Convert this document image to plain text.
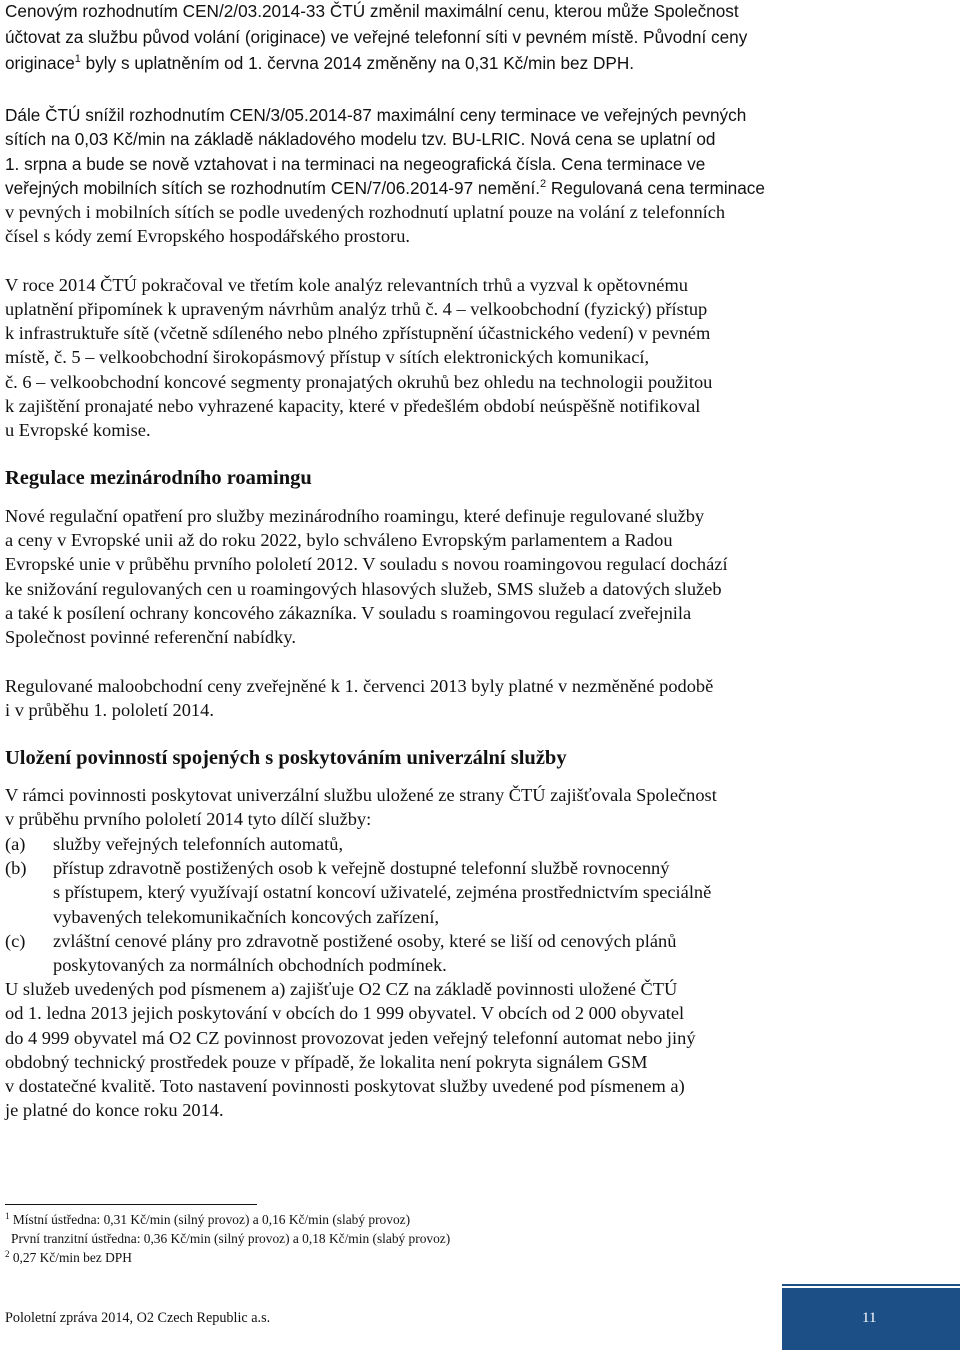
Cenovým rozhodnutím CEN/2/03.2014-33 ČTÚ změnil maximální cenu, kterou může Společnost
účtovat za službu původ volání (originace) ve veřejné telefonní síti v pevném místě. Původní ceny
originace$^1$ byly s uplatněním od 1. června 2014 změněny na 0,31 Kč/min bez DPH.
Dále ČTÚ snížil rozhodnutím CEN/3/05.2014-87 maximální ceny terminace ve veřejných pevných
sítích na 0,03 Kč/min na základě nákladového modelu tzv. BU-LRIC. Nová cena se uplatní od
1. srpna a bude se nově vztahovat i na terminaci na negeografická čísla. Cena terminace ve
veřejných mobilních sítích se rozhodnutím CEN/7/06.2014-97 nemění.$^2$ Regulovaná cena terminace
v pevných i mobilních sítích se podle uvedených rozhodnutí uplatní pouze na volání z telefonních
čísel s kódy zemí Evropského hospodářského prostoru.
V roce 2014 ČTÚ pokračoval ve třetím kole analýz relevantních trhů a vyzval k opětovnému
uplatnění připomínek k upraveným návrhům analýz trhů č. 4 – velkoobchodní (fyzický) přístup
k infrastruktuře sítě (včetně sdíleného nebo plného zpřístupnění účastnického vedení) v pevném
místě, č. 5 – velkoobchodní širokopásmový přístup v sítích elektronických komunikací,
č. 6 – velkoobchodní koncové segmenty pronajatých okruhů bez ohledu na technologii použitou
k zajištění pronajaté nebo vyhrazené kapacity, které v předešlém období neúspěšně notifikoval
u Evropské komise.
Regulace mezinárodního roamingu
Nové regulační opatření pro služby mezinárodního roamingu, které definuje regulované služby
a ceny v Evropské unii až do roku 2022, bylo schváleno Evropským parlamentem a Radou
Evropské unie v průběhu prvního pololetí 2012. V souladu s novou roamingovou regulací dochází
ke snižování regulovaných cen u roamingových hlasových služeb, SMS služeb a datových služeb
a také k posílení ochrany koncového zákazníka. V souladu s roamingovou regulací zveřejnila
Společnost povinné referenční nabídky.
Regulované maloobchodní ceny zveřejněné k 1. červenci 2013 byly platné v nezměněné podobě
i v průběhu 1. pololetí 2014.
Uložení povinností spojených s poskytováním univerzální služby
V rámci povinnosti poskytovat univerzální službu uložené ze strany ČTÚ zajišťovala Společnost
v průběhu prvního pololetí 2014 tyto dílčí služby:
(a) služby veřejných telefonních automatů,
(b) přístup zdravotně postižených osob k veřejně dostupné telefonní službě rovnocenný
s přístupem, který využívají ostatní koncoví uživatelé, zejména prostřednictvím speciálně
vybavených telekomunikačních koncových zařízení,
(c) zvláštní cenové plány pro zdravotně postižené osoby, které se liší od cenových plánů
poskytovaných za normálních obchodních podmínek.
U služeb uvedených pod písmenem a) zajišťuje O2 CZ na základě povinnosti uložené ČTÚ
od 1. ledna 2013 jejich poskytování v obcích do 1 999 obyvatel. V obcích od 2 000 obyvatel
do 4 999 obyvatel má O2 CZ povinnost provozovat jeden veřejný telefonní automat nebo jiný
obdobný technický prostředek pouze v případě, že lokalita není pokryta signálem GSM
v dostatečné kvalitě. Toto nastavení povinnosti poskytovat služby uvedené pod písmenem a)
je platné do konce roku 2014.
$^1$ Místní ústředna: 0,31 Kč/min (silný provoz) a 0,16 Kč/min (slabý provoz)
První tranzitní ústředna: 0,36 Kč/min (silný provoz) a 0,18 Kč/min (slabý provoz)
$^2$ 0,27 Kč/min bez DPH
Pololetní zpráva 2014, O2 Czech Republic a.s.	11
